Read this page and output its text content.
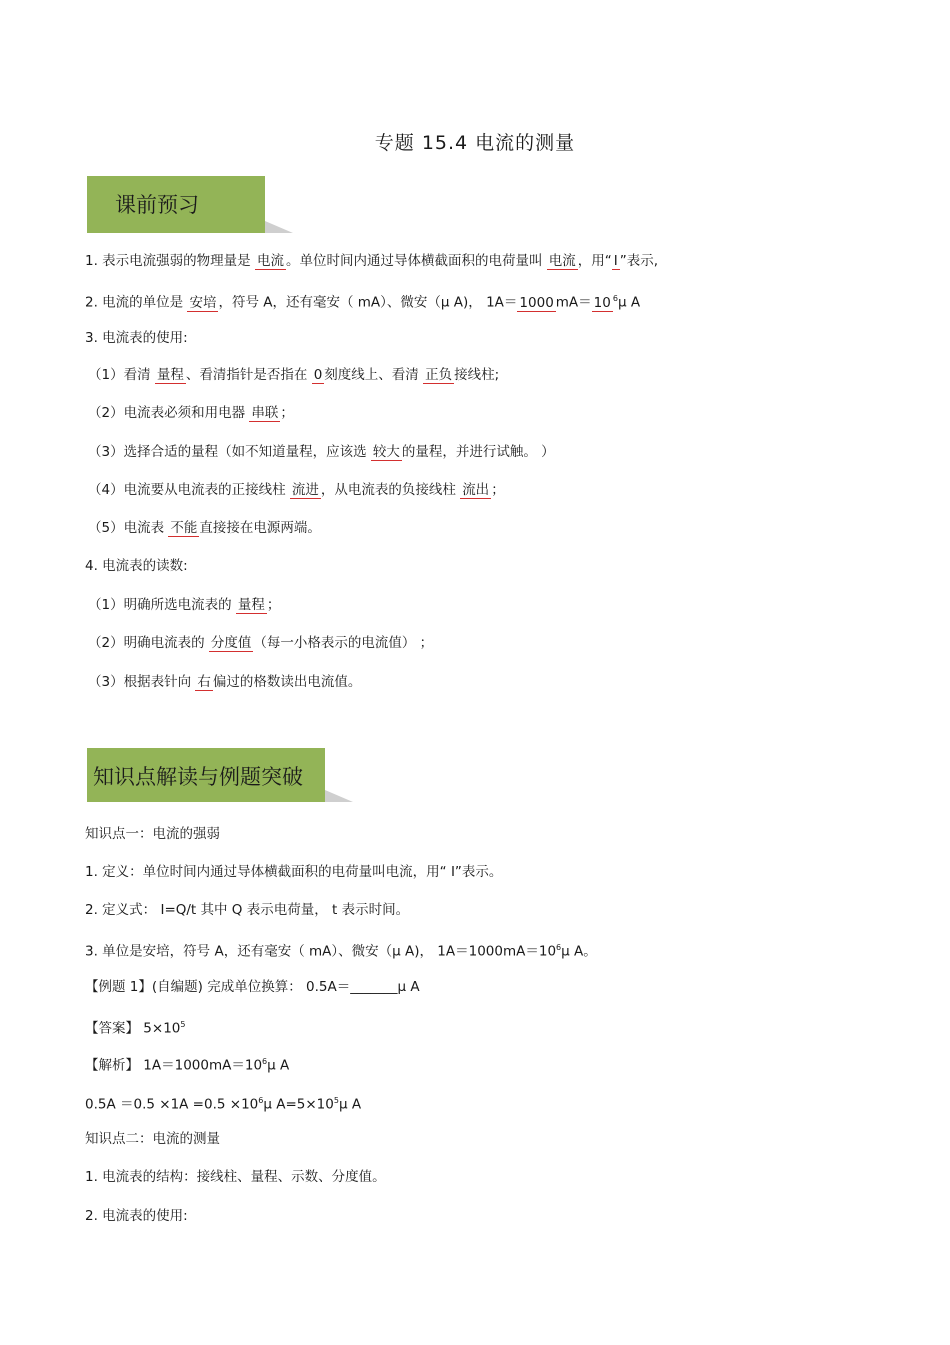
专题 15.4 电流的测量
课前预习
1. 表示电流强弱的物理量是 电流 。单位时间内通过导体横截面积的电荷量叫 电流 ，用“ I ”表示,
2. 电流的单位是 安培 ，符号 A，还有毫安（ mA）、微安（μ A)， 1A＝ 1000 mA＝ 10 $^6$μ A
3. 电流表的使用:
（1）看清 量程 、看清指针是否指在 0 刻度线上、看清 正负 接线柱;
（2）电流表必须和用电器 串联 ；
（3）选择合适的量程（如不知道量程，应该选 较大 的量程，并进行试触。 ）
（4）电流要从电流表的正接线柱 流进 ，从电流表的负接线柱 流出 ；
（5）电流表 不能 直接接在电源两端。
4. 电流表的读数:
（1）明确所选电流表的 量程 ；
（2）明确电流表的 分度值 （每一小格表示的电流值） ；
（3）根据表针向 右 偏过的格数读出电流值。
知识点解读与例题突破
知识点一：电流的强弱
1. 定义：单位时间内通过导体横截面积的电荷量叫电流，用“ I”表示。
2. 定义式： I=Q/t 其中 Q 表示电荷量， t 表示时间。
3. 单位是安培，符号 A，还有毫安（ mA）、微安（μ A)， $1A=1000mA=10^6\mu$ A。
【例题 1】(自编题) 完成单位换算： 0.5A＝_______μ A
【答案】 $5\times 10^5$
【解析】 $1A=1000mA=10^6\mu$ A
$0.5A =0.5 \times 1A =0.5 \times 10^6\mu$ $A=5\times 10^5\mu$ A
知识点二：电流的测量
1. 电流表的结构：接线柱、量程、示数、分度值。
2. 电流表的使用:
